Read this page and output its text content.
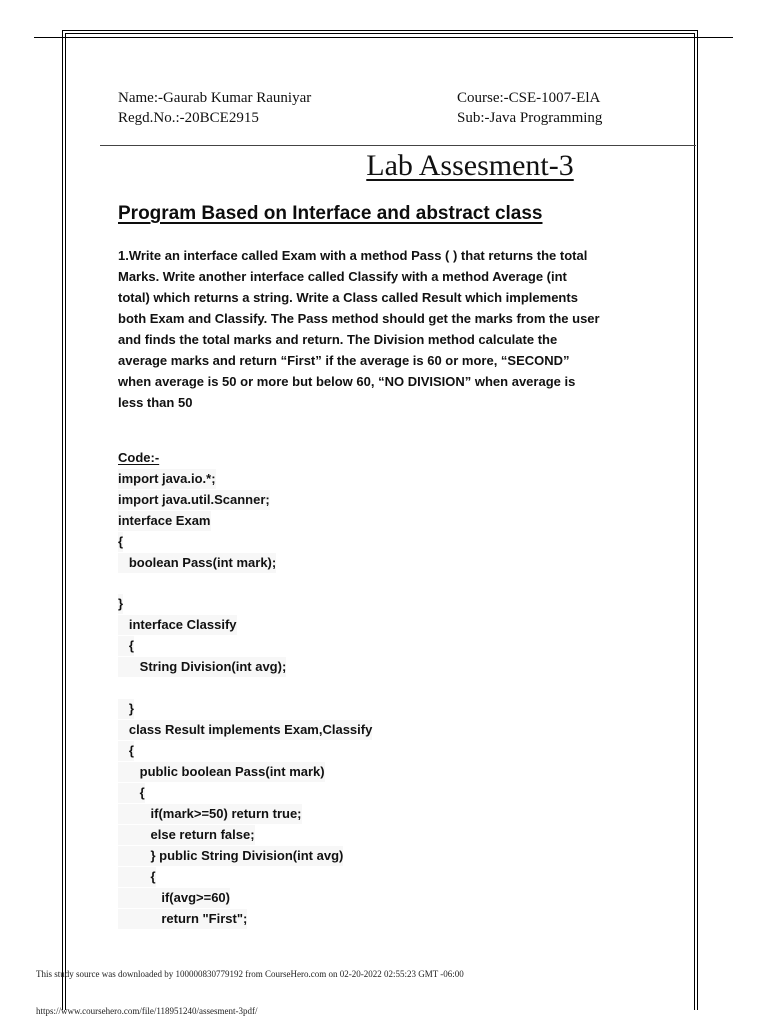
Name:-Gaurab Kumar Rauniyar	Course:-CSE-1007-ElA
Regd.No.:-20BCE2915	Sub:-Java Programming
Lab Assesment-3
Program Based on Interface and abstract class
1.Write an interface called Exam with a method Pass ( ) that returns the total
Marks. Write another interface called Classify with a method Average (int
total) which returns a string. Write a Class called Result which implements
both Exam and Classify. The Pass method should get the marks from the user
and finds the total marks and return. The Division method calculate the
average marks and return “First” if the average is 60 or more, “SECOND”
when average is 50 or more but below 60, “NO DIVISION” when average is
less than 50
Code:-
import java.io.*;
import java.util.Scanner;
interface Exam
{
boolean Pass(int mark);
}
interface Classify
{
String Division(int avg);
}
class Result implements Exam,Classify
{
public boolean Pass(int mark)
{
if(mark>=50) return true;
else return false;
} public String Division(int avg)
{
if(avg>=60)
return "First";
This study source was downloaded by 100000830779192 from CourseHero.com on 02-20-2022 02:55:23 GMT -06:00
https://www.coursehero.com/file/118951240/assesment-3pdf/
